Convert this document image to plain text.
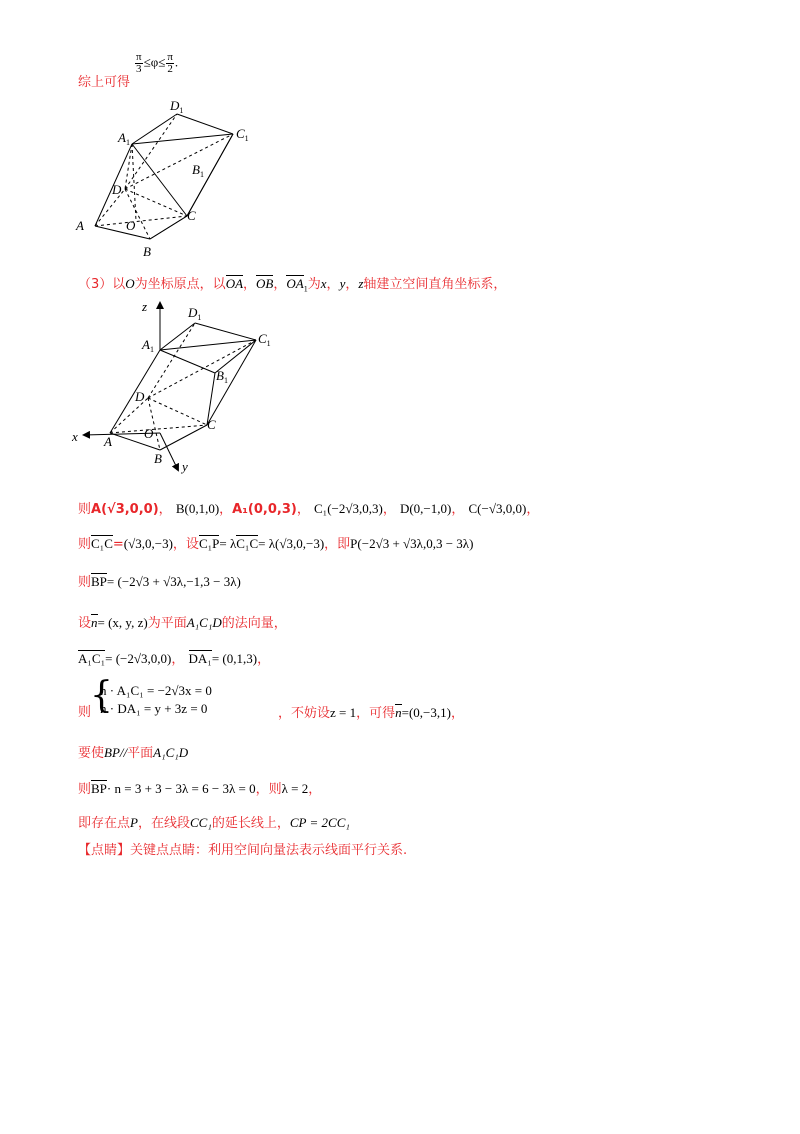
综上可得
$\frac{\pi}{3} \le\varphi\le \frac{\pi}{2}$ .
$D_1$
$A_1$
$C_1$
$B_1$
D
A	O
C
B
（3）以O为坐标原点，以OA，OB，$OA_1$为x，y，z轴建立空间直角坐标系，
z
x
y
$D_1$
$A_1$
$C_1$
$B_1$
D
A
O
C
B
则A(√3,0,0)， B(0,1,0)，A₁(0,0,3)， C₁(−2√3,0,3)， D(0,−1,0)， C(−√3,0,0)，
则C₁C=(√3,0,−3)，设C₁P= λC₁C= λ(√3,0,−3)，即P(−2√3 + √3λ,0,3 − 3λ)
则BP= (−2√3 + √3λ,−1,3 − 3λ)
设n= (x, y, z)为平面A₁C₁D的法向量，
A₁C₁= (−2√3,0,0)， DA₁= (0,1,3)，
则
{ n · A₁C₁ = −2√3x = 0
n · DA₁ = y + 3z = 0	，不妨设z = 1，可得n=(0,−3,1)，
要使BP//平面A₁C₁D
则BP· n = 3 + 3 − 3λ = 6 − 3λ = 0，则λ = 2，
即存在点P，在线段CC₁的延长线上，CP = 2CC₁
【点睛】关键点点睛：利用空间向量法表示线面平行关系.
